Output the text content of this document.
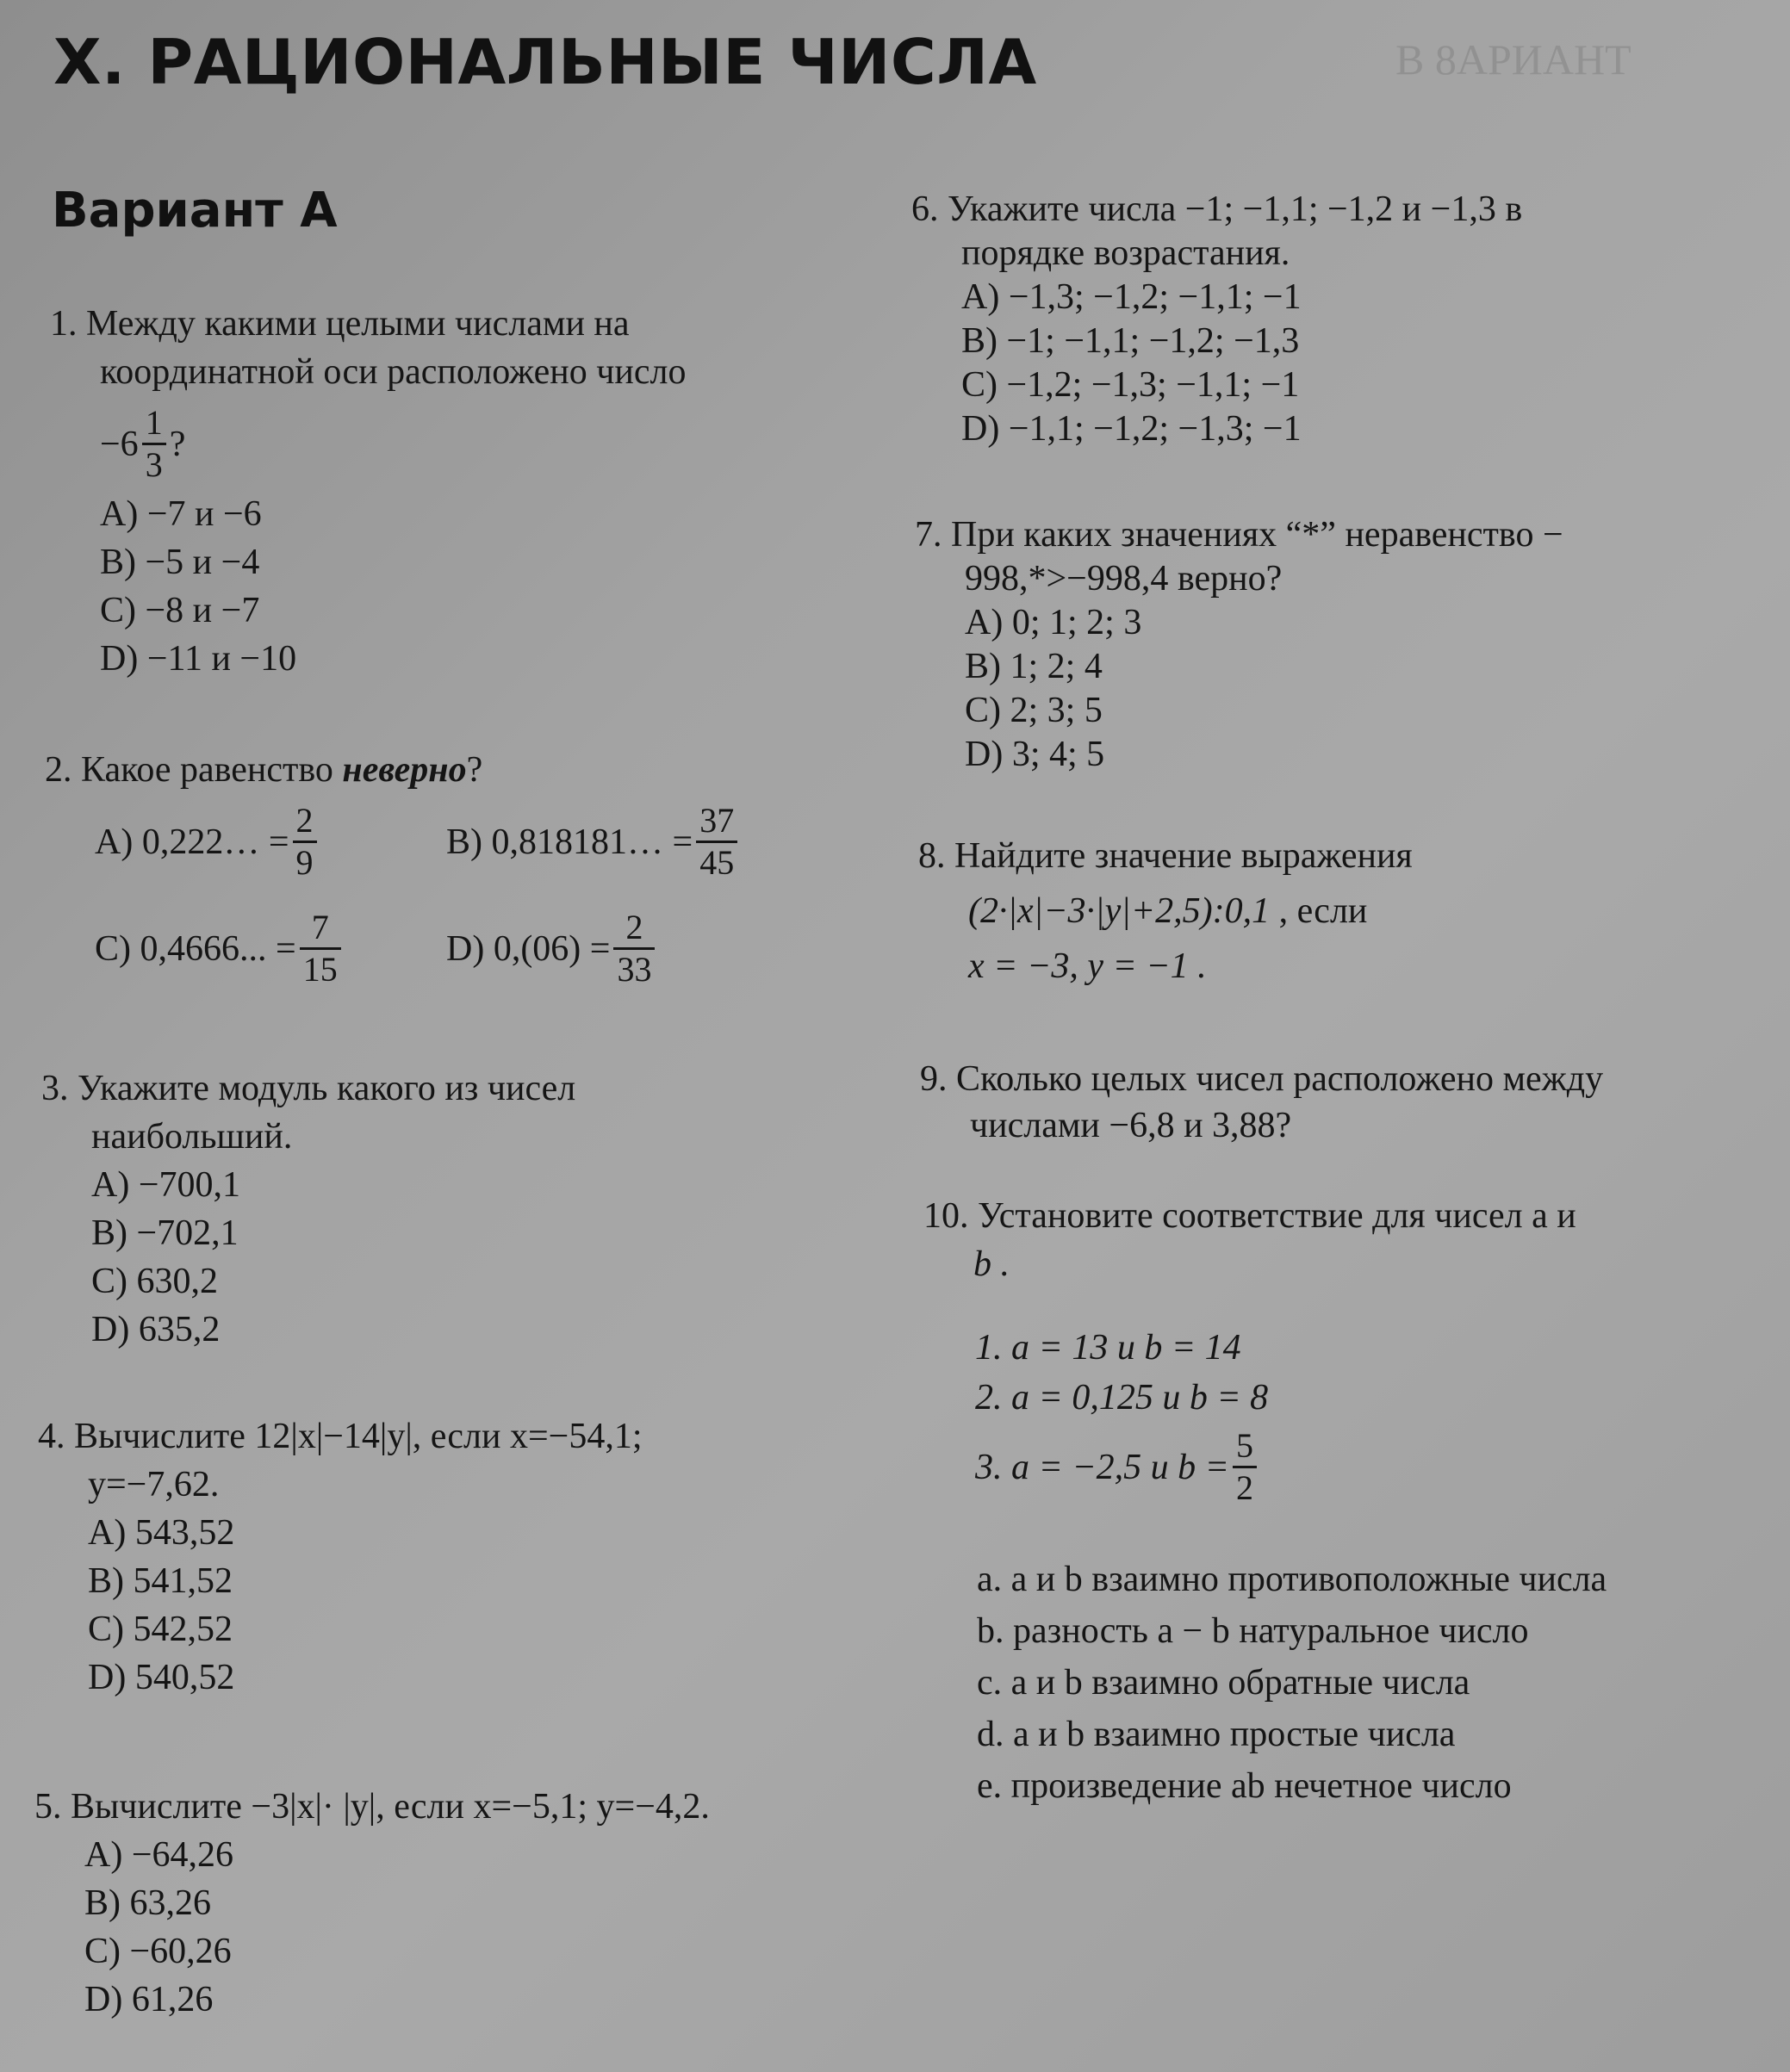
В 8АРИАНТ
X. РАЦИОНАЛЬНЫЕ ЧИСЛА
Вариант А
1. Между какими целыми числами на
координатной оси расположено число
$-6 \frac{1}{3}$ ?
A) −7 и −6
B) −5 и −4
C) −8 и −7
D) −11 и −10
2. Какое равенство неверно?
A) 0,222… = $\frac{2}{9}$	B) 0,818181… = $\frac{37}{45}$
C) 0,4666... = $\frac{7}{15}$	D) $0,(06) = \frac{2}{33}$
3. Укажите модуль какого из чисел
наибольший.
A) −700,1
B) −702,1
C) 630,2
D) 635,2
4. Вычислите 12|x|−14|y|, если x=−54,1;
y=−7,62.
A) 543,52
B) 541,52
C) 542,52
D) 540,52
5. Вычислите −3|x|· |y|, если x=−5,1; y=−4,2.
A) −64,26
B) 63,26
C) −60,26
D) 61,26
6. Укажите числа −1; −1,1; −1,2 и −1,3 в
порядке возрастания.
A) −1,3; −1,2; −1,1; −1
B) −1; −1,1; −1,2; −1,3
C) −1,2; −1,3; −1,1; −1
D) −1,1; −1,2; −1,3; −1
7. При каких значениях “*” неравенство −
998,*>−998,4 верно?
A) 0; 1; 2; 3
B) 1; 2; 4
C) 2; 3; 5
D) 3; 4; 5
8. Найдите значение выражения
(2·|x|−3·|y|+2,5):0,1 , если
x = −3, y = −1 .
9. Сколько целых чисел расположено между
числами −6,8 и 3,88?
10. Установите соответствие для чисел a и
b .
1. a = 13 и b = 14
2. a = 0,125 и b = 8
3. a = −2,5 и $b = \frac{5}{2}$
a. a и b взаимно противоположные числа
b. разность a − b натуральное число
c. a и b взаимно обратные числа
d. a и b взаимно простые числа
e. произведение ab нечетное число
